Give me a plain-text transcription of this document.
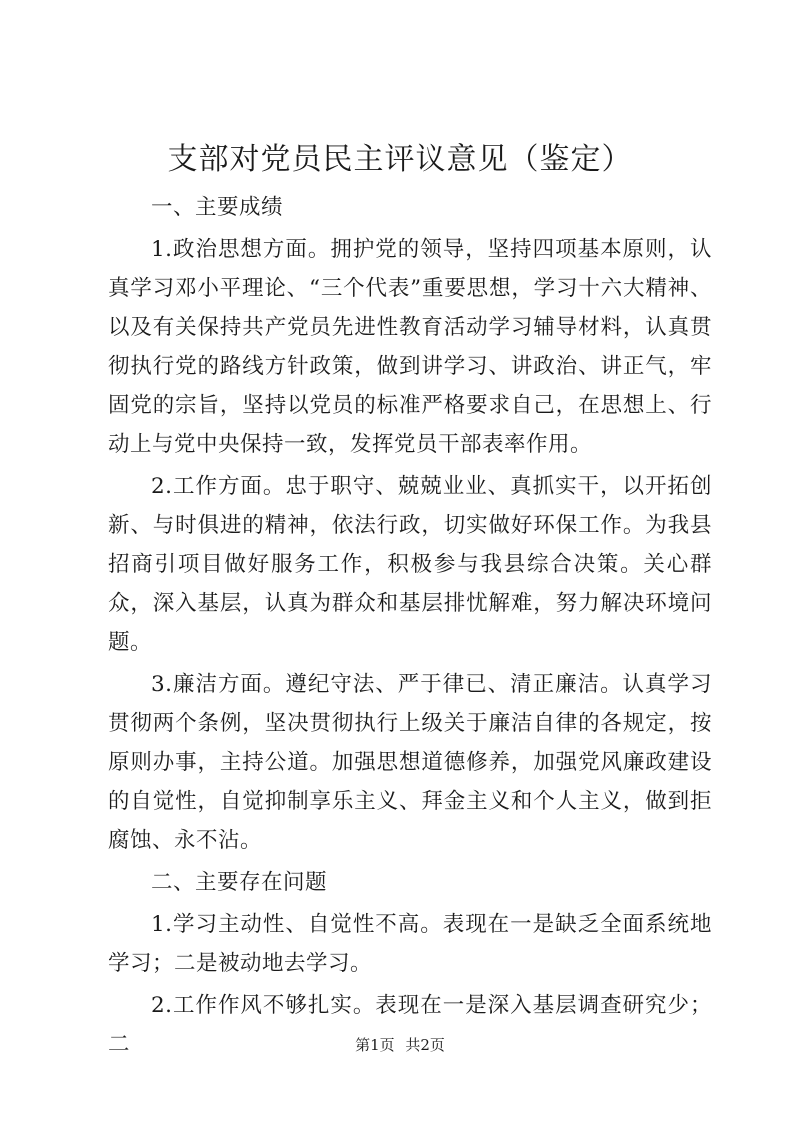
支部对党员民主评议意见（鉴定）

一、主要成绩

1.政治思想方面。拥护党的领导，坚持四项基本原则，认真学习邓小平理论、“三个代表”重要思想，学习十六大精神、以及有关保持共产党员先进性教育活动学习辅导材料，认真贯彻执行党的路线方针政策，做到讲学习、讲政治、讲正气，牢固党的宗旨，坚持以党员的标准严格要求自己，在思想上、行动上与党中央保持一致，发挥党员干部表率作用。

2.工作方面。忠于职守、兢兢业业、真抓实干，以开拓创新、与时俱进的精神，依法行政，切实做好环保工作。为我县招商引项目做好服务工作，积极参与我县综合决策。关心群众，深入基层，认真为群众和基层排忧解难，努力解决环境问题。

3.廉洁方面。遵纪守法、严于律已、清正廉洁。认真学习贯彻两个条例，坚决贯彻执行上级关于廉洁自律的各规定，按原则办事，主持公道。加强思想道德修养，加强党风廉政建设的自觉性，自觉抑制享乐主义、拜金主义和个人主义，做到拒腐蚀、永不沾。

二、主要存在问题

1.学习主动性、自觉性不高。表现在一是缺乏全面系统地学习；二是被动地去学习。

2.工作作风不够扎实。表现在一是深入基层调查研究少；二	第1页 共2页
